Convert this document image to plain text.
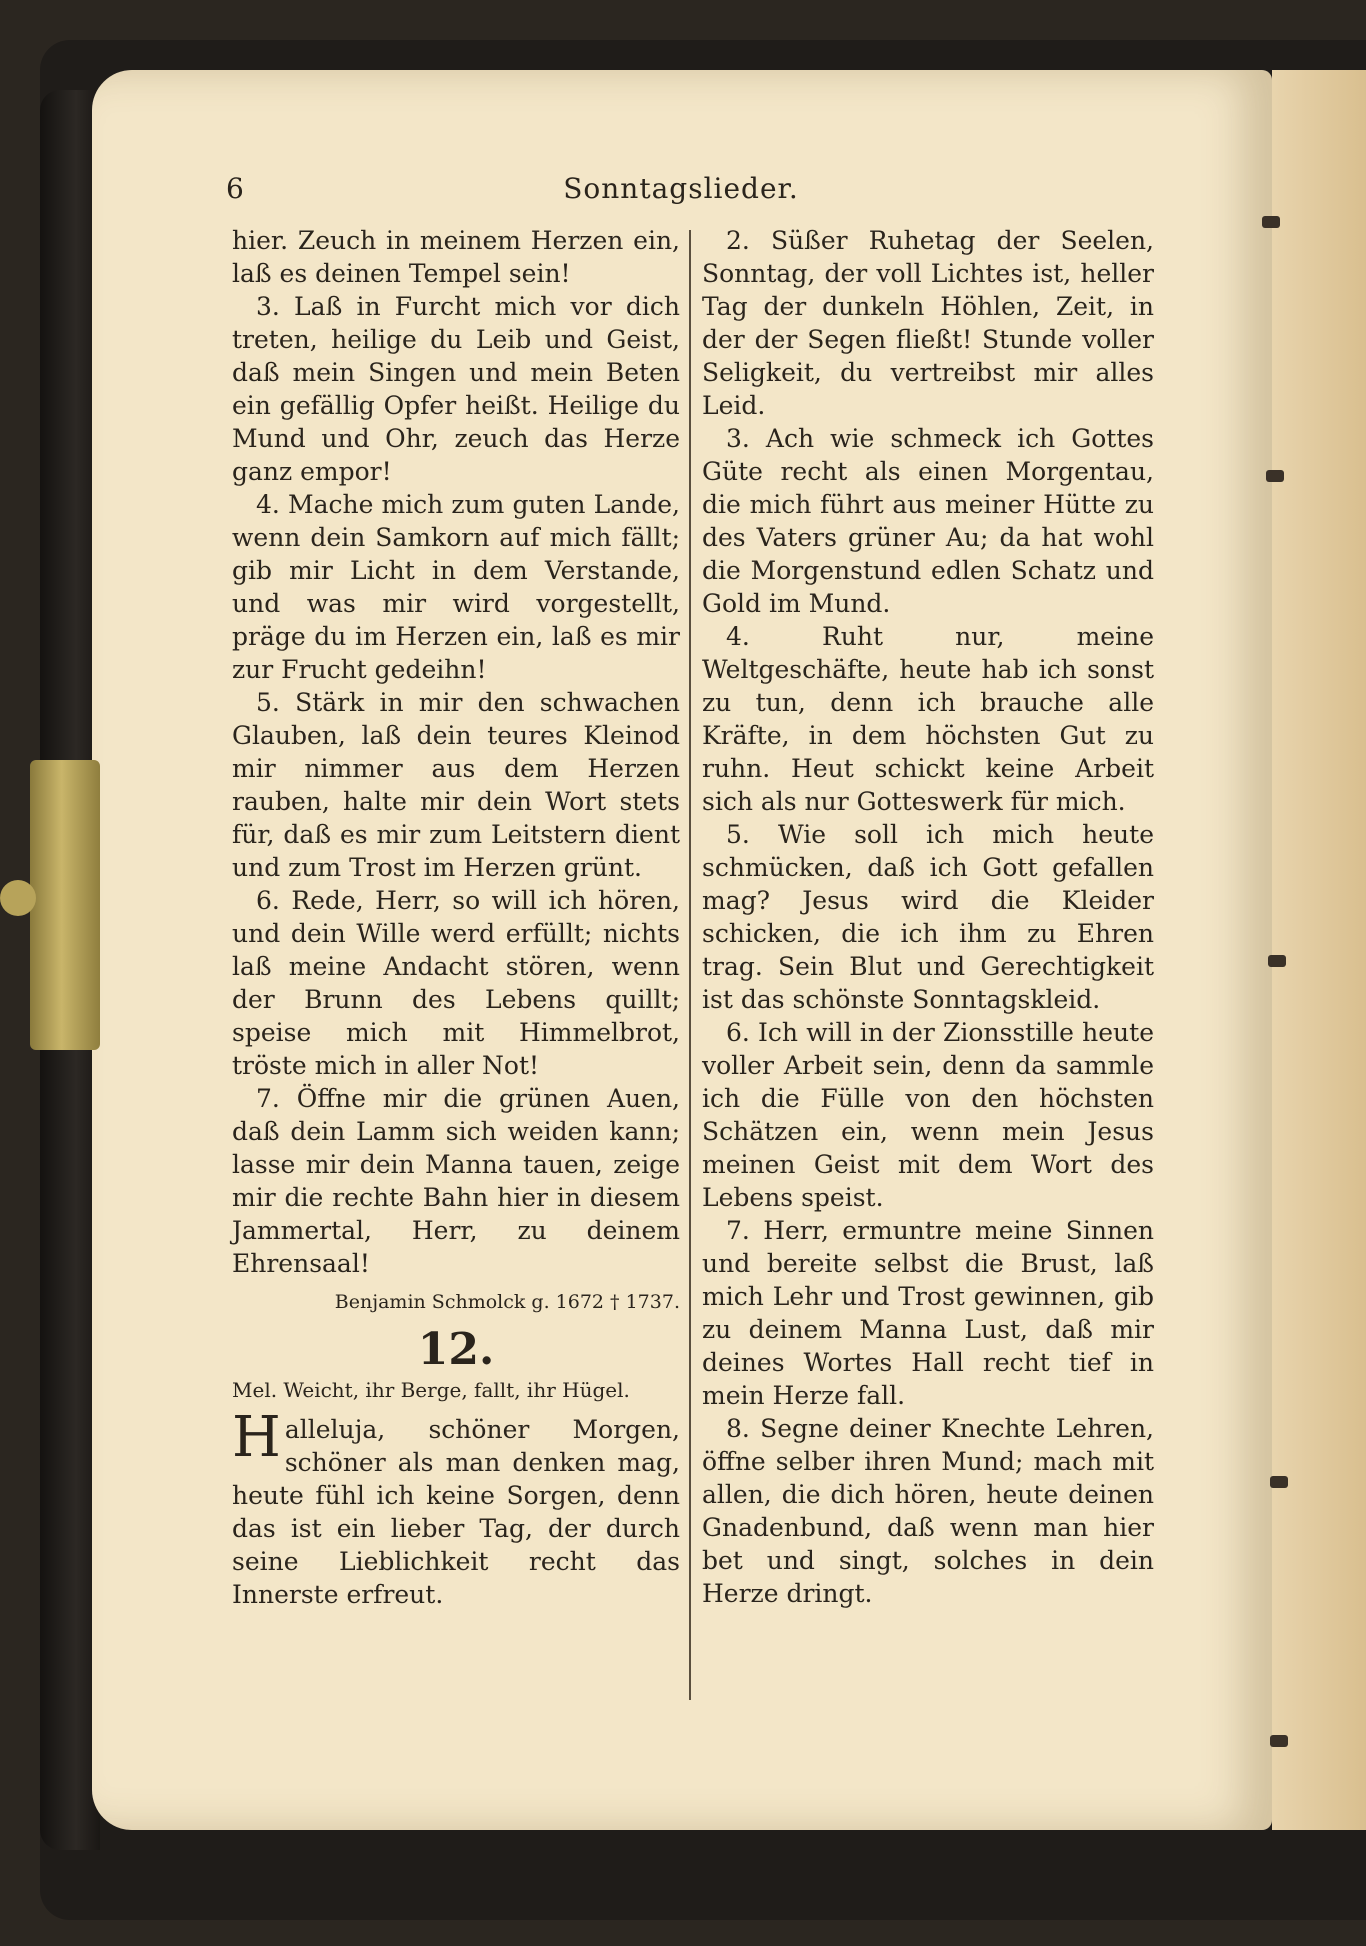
6	Sonntagslieder.

hier. Zeuch in meinem Herzen ein, laß es deinen Tempel sein!

3. Laß in Furcht mich vor dich treten, heilige du Leib und Geist, daß mein Singen und mein Beten ein gefällig Opfer heißt. Heilige du Mund und Ohr, zeuch das Herze ganz empor!

4. Mache mich zum guten Lande, wenn dein Samkorn auf mich fällt; gib mir Licht in dem Verstande, und was mir wird vorgestellt, präge du im Herzen ein, laß es mir zur Frucht gedeihn!

5. Stärk in mir den schwachen Glauben, laß dein teures Kleinod mir nimmer aus dem Herzen rauben, halte mir dein Wort stets für, daß es mir zum Leitstern dient und zum Trost im Herzen grünt.

6. Rede, Herr, so will ich hören, und dein Wille werd erfüllt; nichts laß meine Andacht stören, wenn der Brunn des Lebens quillt; speise mich mit Himmelbrot, tröste mich in aller Not!

7. Öffne mir die grünen Auen, daß dein Lamm sich weiden kann; lasse mir dein Manna tauen, zeige mir die rechte Bahn hier in diesem Jammertal, Herr, zu deinem Ehrensaal!

Benjamin Schmolck g. 1672 † 1737.
12.
Mel. Weicht, ihr Berge, fallt, ihr Hügel.

Halleluja, schöner Morgen, schöner als man denken mag, heute fühl ich keine Sorgen, denn das ist ein lieber Tag, der durch seine Lieblichkeit recht das Innerste erfreut.

2. Süßer Ruhetag der Seelen, Sonntag, der voll Lichtes ist, heller Tag der dunkeln Höhlen, Zeit, in der der Segen fließt! Stunde voller Seligkeit, du vertreibst mir alles Leid.

3. Ach wie schmeck ich Gottes Güte recht als einen Morgentau, die mich führt aus meiner Hütte zu des Vaters grüner Au; da hat wohl die Morgenstund edlen Schatz und Gold im Mund.

4. Ruht nur, meine Weltgeschäfte, heute hab ich sonst zu tun, denn ich brauche alle Kräfte, in dem höchsten Gut zu ruhn. Heut schickt keine Arbeit sich als nur Gotteswerk für mich.

5. Wie soll ich mich heute schmücken, daß ich Gott gefallen mag? Jesus wird die Kleider schicken, die ich ihm zu Ehren trag. Sein Blut und Gerechtigkeit ist das schönste Sonntagskleid.

6. Ich will in der Zionsstille heute voller Arbeit sein, denn da sammle ich die Fülle von den höchsten Schätzen ein, wenn mein Jesus meinen Geist mit dem Wort des Lebens speist.

7. Herr, ermuntre meine Sinnen und bereite selbst die Brust, laß mich Lehr und Trost gewinnen, gib zu deinem Manna Lust, daß mir deines Wortes Hall recht tief in mein Herze fall.

8. Segne deiner Knechte Lehren, öffne selber ihren Mund; mach mit allen, die dich hören, heute deinen Gnadenbund, daß wenn man hier bet und singt, solches in dein Herze dringt.
